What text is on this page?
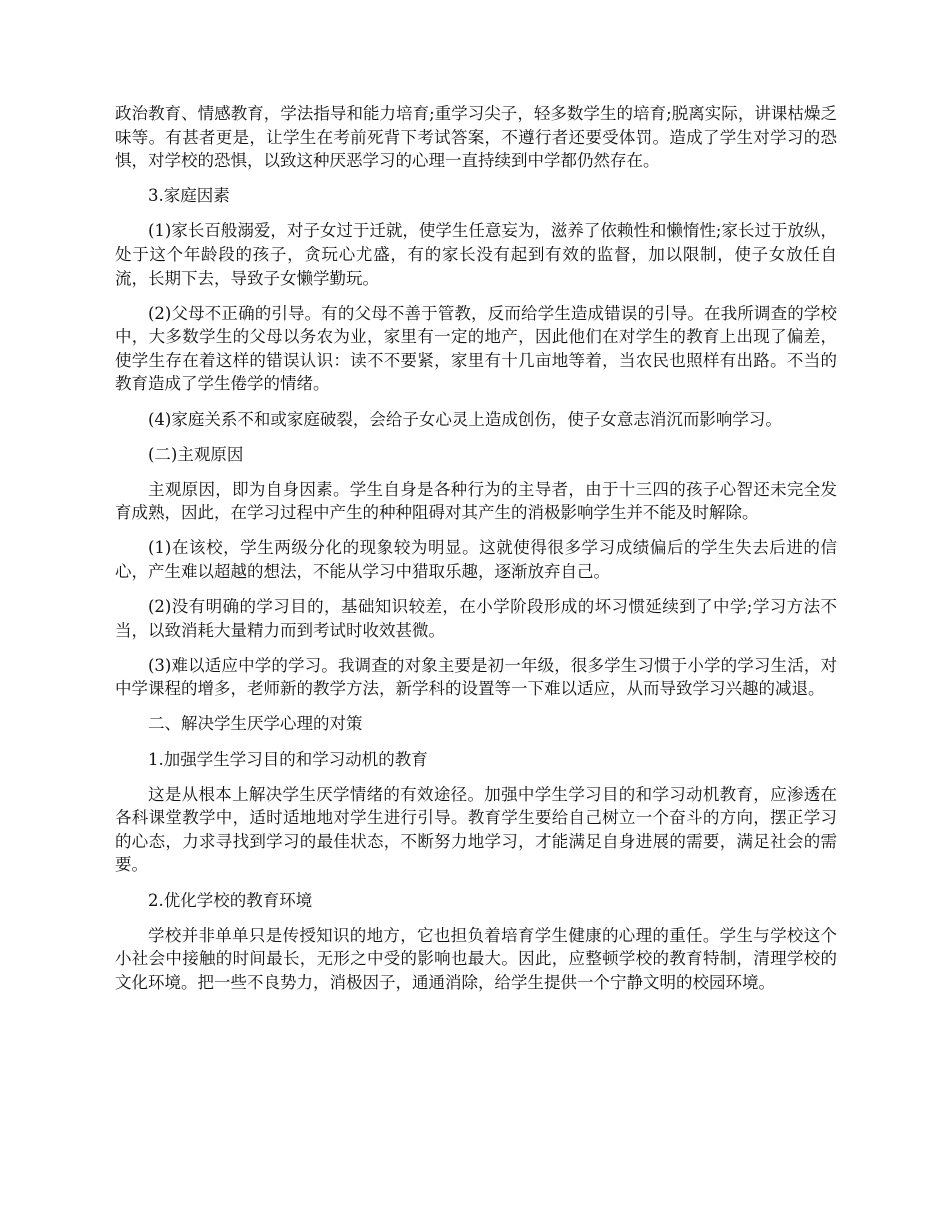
政治教育、情感教育，学法指导和能力培育;重学习尖子，轻多数学生的培育;脱离实际，讲课枯燥乏味等。有甚者更是，让学生在考前死背下考试答案，不遵行者还要受体罚。造成了学生对学习的恐惧，对学校的恐惧，以致这种厌恶学习的心理一直持续到中学都仍然存在。

3.家庭因素

(1)家长百般溺爱，对子女过于迁就，使学生任意妄为，滋养了依赖性和懒惰性;家长过于放纵，处于这个年龄段的孩子，贪玩心尤盛，有的家长没有起到有效的监督，加以限制，使子女放任自流，长期下去，导致子女懒学勤玩。

(2)父母不正确的引导。有的父母不善于管教，反而给学生造成错误的引导。在我所调查的学校中，大多数学生的父母以务农为业，家里有一定的地产，因此他们在对学生的教育上出现了偏差，使学生存在着这样的错误认识：读不不要紧，家里有十几亩地等着，当农民也照样有出路。不当的教育造成了学生倦学的情绪。

(4)家庭关系不和或家庭破裂，会给子女心灵上造成创伤，使子女意志消沉而影响学习。

(二)主观原因

主观原因，即为自身因素。学生自身是各种行为的主导者，由于十三四的孩子心智还未完全发育成熟，因此，在学习过程中产生的种种阻碍对其产生的消极影响学生并不能及时解除。

(1)在该校，学生两级分化的现象较为明显。这就使得很多学习成绩偏后的学生失去后进的信心，产生难以超越的想法，不能从学习中猎取乐趣，逐渐放弃自己。

(2)没有明确的学习目的，基础知识较差，在小学阶段形成的坏习惯延续到了中学;学习方法不当，以致消耗大量精力而到考试时收效甚微。

(3)难以适应中学的学习。我调查的对象主要是初一年级，很多学生习惯于小学的学习生活，对中学课程的增多，老师新的教学方法，新学科的设置等一下难以适应，从而导致学习兴趣的减退。

二、解决学生厌学心理的对策

1.加强学生学习目的和学习动机的教育

这是从根本上解决学生厌学情绪的有效途径。加强中学生学习目的和学习动机教育，应渗透在各科课堂教学中，适时适地地对学生进行引导。教育学生要给自己树立一个奋斗的方向，摆正学习的心态，力求寻找到学习的最佳状态，不断努力地学习，才能满足自身进展的需要，满足社会的需要。

2.优化学校的教育环境

学校并非单单只是传授知识的地方，它也担负着培育学生健康的心理的重任。学生与学校这个小社会中接触的时间最长，无形之中受的影响也最大。因此，应整顿学校的教育特制，清理学校的文化环境。把一些不良势力，消极因子，通通消除，给学生提供一个宁静文明的校园环境。
